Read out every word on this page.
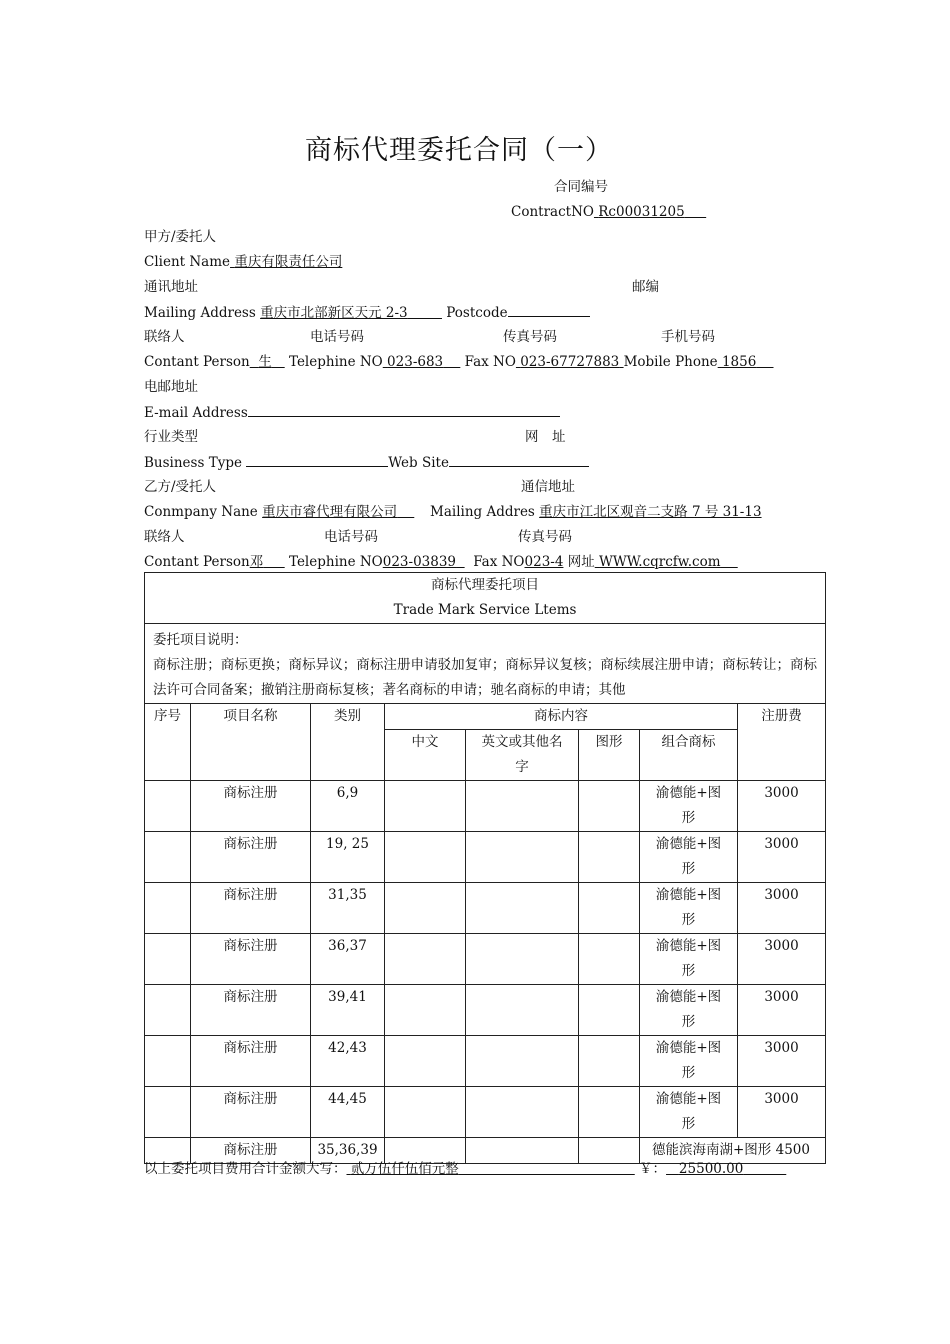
商标代理委托合同（一）
合同编号
ContractNO Rc00031205
甲方/委托人
Client Name 重庆有限责任公司
通讯地址	邮编
Mailing Address 重庆市北部新区天元 2-3	Postcode
联络人	电话号码	传真号码	手机号码
Contant Person 生 Telephine NO 023-683 Fax NO 023-67727883 Mobile Phone 1856
电邮地址
E-mail Address
行业类型	网　址
Business Type	Web Site
乙方/受托人	通信地址
Conmpany Nane 重庆市睿代理有限公司	Mailing Addres 重庆市江北区观音二支路 7 号 31-13
联络人	电话号码	传真号码
Contant Person邓 Telephine NO023-03839 Fax NO023-4 网址 WWW.cqrcfw.com
商标代理委托项目
Trade Mark Service Ltems							

委托项目说明：
商标注册；商标更换；商标异议；商标注册申请驳加复审；商标异议复核；商标续展注册申请；商标转让；商标法许可合同备案；撤销注册商标复核；著名商标的申请；驰名商标的申请；其他							

序号	项目名称	类别	商标内容				注册费
			中文	英文或其他名字	图形	组合商标	
	商标注册	6,9				渝德能+图形	3000
	商标注册	19, 25				渝德能+图形	3000
	商标注册	31,35				渝德能+图形	3000
	商标注册	36,37				渝德能+图形	3000
	商标注册	39,41				渝德能+图形	3000
	商标注册	42,43				渝德能+图形	3000
	商标注册	44,45				渝德能+图形	3000
	商标注册	35,36,39				德能滨海南湖+图形 4500	
以上委托项目费用合计金额大写： 贰万伍仟伍佰元整	￥： 25500.00
